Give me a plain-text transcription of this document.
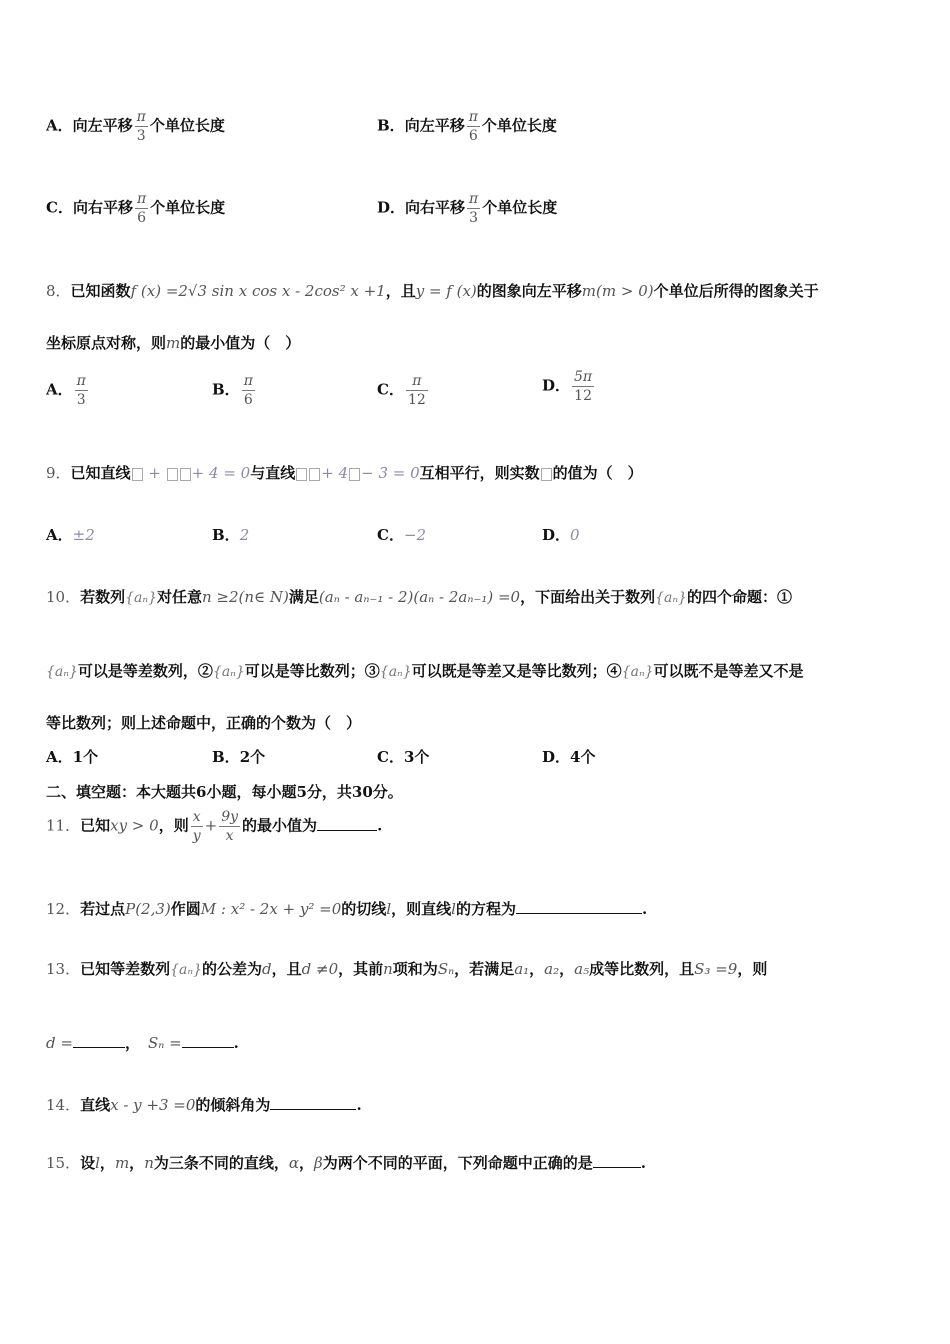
A．向左平移 $\frac{\pi}{3}$ 个单位长度	B．向左平移 $\frac{\pi}{6}$ 个单位长度
C．向右平移 $\frac{\pi}{6}$ 个单位长度	D．向右平移 $\frac{\pi}{3}$ 个单位长度
8．已知函数f (x) =2√3 sin x cos x - 2cos² x +1，且y = f (x)的图象向左平移m(m > 0)个单位后所得的图象关于
坐标原点对称，则m的最小值为（　）
A． $\frac{\pi}{3}$	B． $\frac{\pi}{6}$	C． $\frac{\pi}{12}$	D． $\frac{5\pi}{12}$
9．已知直线 + + 4 = 0与直线 + 4 − 3 = 0互相平行，则实数 的值为（　）
A．±2	B．2	C．−2	D．0
10．若数列{aₙ}对任意n ≥2(n∈ N)满足(aₙ - aₙ₋₁ - 2)(aₙ - 2aₙ₋₁) =0，下面给出关于数列{aₙ}的四个命题：①
{aₙ}可以是等差数列，②{aₙ}可以是等比数列；③{aₙ}可以既是等差又是等比数列；④{aₙ}可以既不是等差又不是
等比数列；则上述命题中，正确的个数为（　）
A．1个	B．2个	C．3个	D．4个
二、填空题：本大题共6小题，每小题5分，共30分。
11．已知xy > 0，则 $\frac{x}{y} + \frac{9y}{x}$ 的最小值为	.
12．若过点P(2,3)作圆M : x² - 2x + y² =0的切线l，则直线l的方程为	.
13．已知等差数列{aₙ}的公差为d，且d ≠0，其前n项和为Sₙ，若满足a₁，a₂，a₅成等比数列，且S₃ =9，则
d =	， Sₙ =	.
14．直线x - y +3 =0的倾斜角为	.
15．设l，m，n为三条不同的直线，α，β为两个不同的平面，下列命题中正确的是	.
